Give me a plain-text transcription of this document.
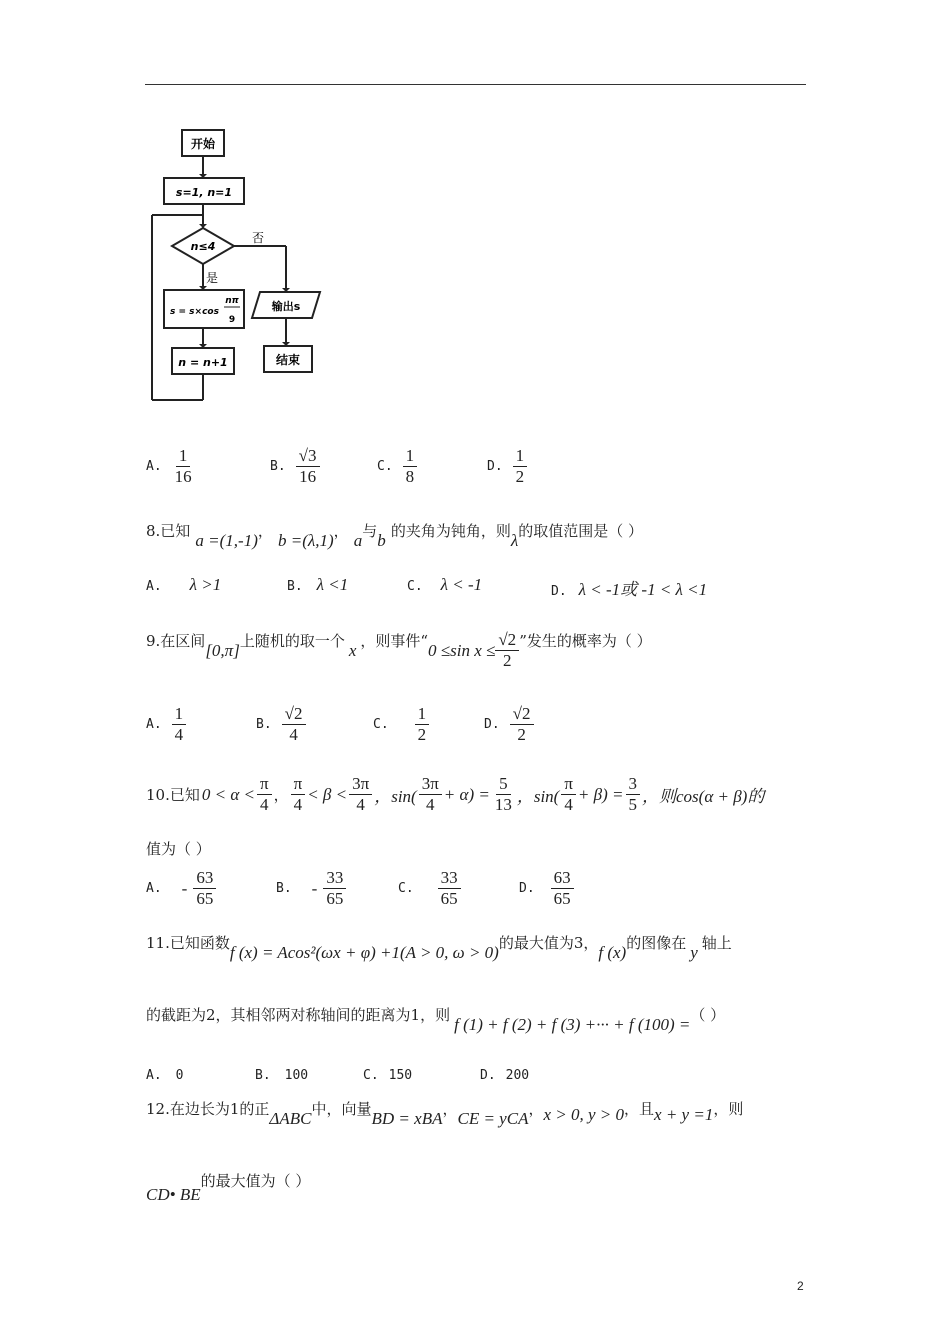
开始
s=1, n=1
n≤4
否
是
s = s×cos
nπ
9
输出s
n = n+1	结束
A. $\frac{1}{16}$	B. $\frac{√3}{16}$	C. $\frac{1}{8}$	D. $\frac{1}{2}$
8.已知 a =(1,-1)， b =(λ,1)， a与b 的夹角为钝角，则λ的取值范围是（ ）
A. λ >1	B. λ <1	C. λ < -1	D. λ < -1或 -1 < λ <1
9.在区间 [0,π] 上随机的取一个 x ，则事件“ 0 ≤sin $x \le \frac{√2}{2}$ ”发生的概率为（ ）
A. $\frac{1}{4}$	B. $\frac{√2}{4}$	C. $\frac{1}{2}$	D. $\frac{√2}{2}$
10.已知 $0 < \alpha < \frac{\pi}{4}$ ， $\frac{\pi}{4} < \beta < \frac{3\pi}{4}$ ，$\sin( \frac{3\pi}{4} + \alpha) = \frac{5}{13}$ ，$\sin( \frac{\pi}{4} + \beta) = \frac{3}{5}$ ，则cos(α + β)的
值为（ ）
A. - $\frac{63}{65}$	B. - $\frac{33}{65}$	C. $\frac{33}{65}$	D. $\frac{63}{65}$
11.已知函数f (x) = Acos²(ωx + φ) +1(A > 0, ω > 0)的最大值为3，f (x)的图像在 y 轴上
的截距为2，其相邻两对称轴间的距离为1，则 f (1) + f (2) + f (3) +··· + f (100) =（ ）
A. 0	B. 100	C. 150	D. 200
12.在边长为1的正ΔABC中，向量BD = xBA，CE = yCA，x > 0, y > 0，且x + y =1，则
CD• BE的最大值为（ ）
2
